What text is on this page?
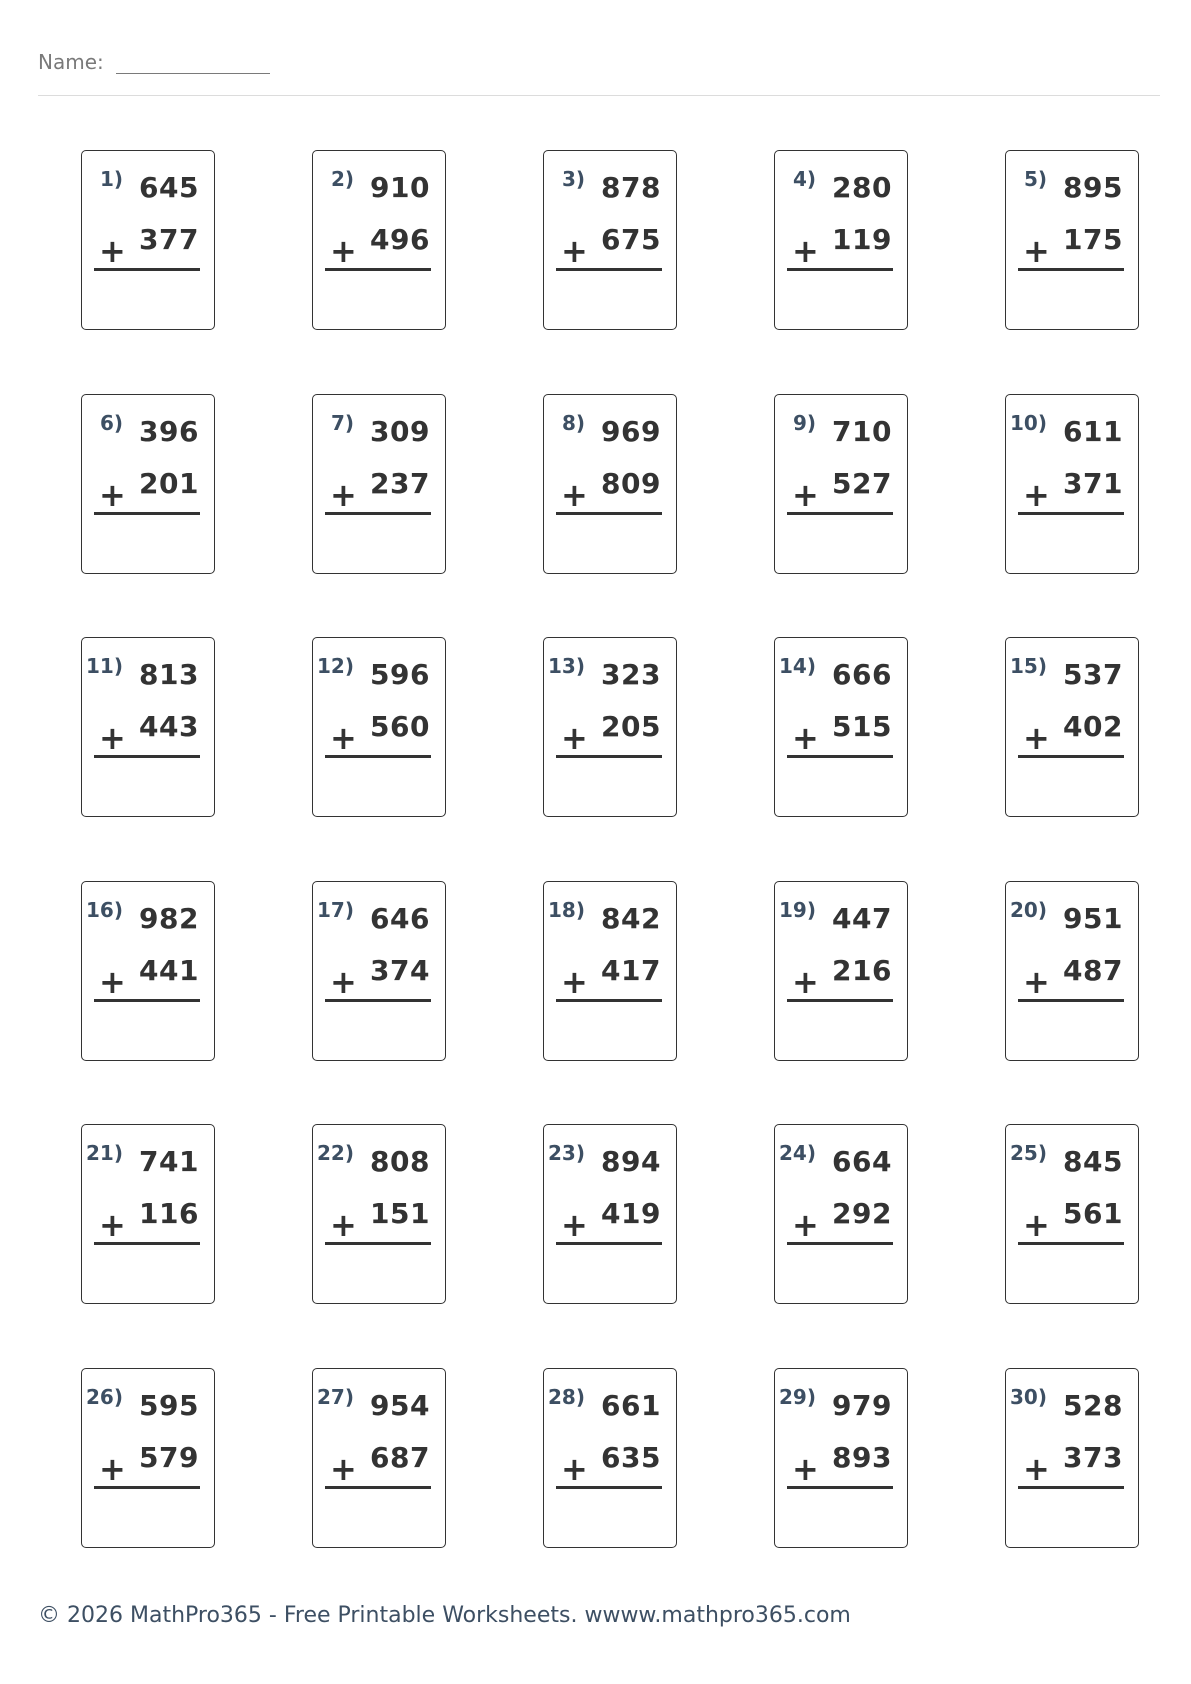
Name:
1) 645
+ 377
2) 910
+ 496
3) 878
+ 675
4) 280
+ 119
5) 895
+ 175
6) 396
+ 201
7) 309
+ 237
8) 969
+ 809
9) 710
+ 527
10) 611
+ 371
11) 813
+ 443
12) 596
+ 560
13) 323
+ 205
14) 666
+ 515
15) 537
+ 402
16) 982
+ 441
17) 646
+ 374
18) 842
+ 417
19) 447
+ 216
20) 951
+ 487
21) 741
+ 116
22) 808
+ 151
23) 894
+ 419
24) 664
+ 292
25) 845
+ 561
26) 595
+ 579
27) 954
+ 687
28) 661
+ 635
29) 979
+ 893
30) 528
+ 373
© 2026 MathPro365 - Free Printable Worksheets. wwww.mathpro365.com
